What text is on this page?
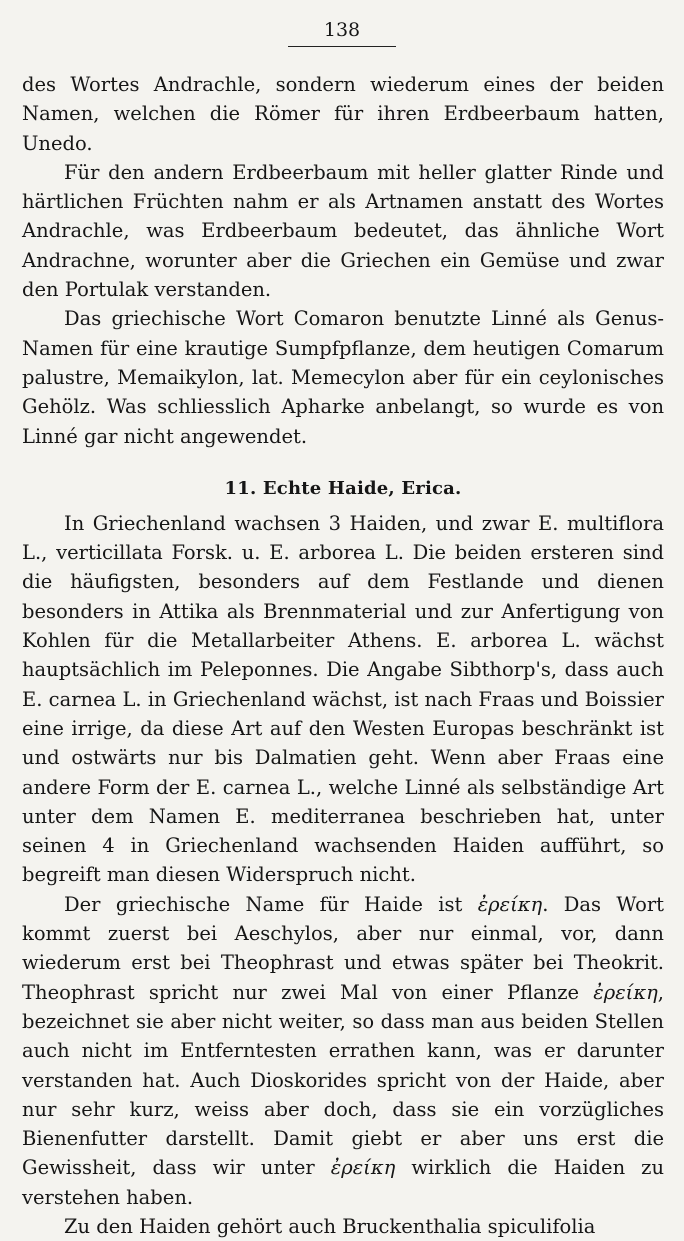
138

des Wortes Andrachle, sondern wiederum eines der beiden Namen, welchen die Römer für ihren Erdbeerbaum hatten, Unedo.

Für den andern Erdbeerbaum mit heller glatter Rinde und härtlichen Früchten nahm er als Artnamen anstatt des Wortes Andrachle, was Erdbeerbaum bedeutet, das ähnliche Wort Andrachne, worunter aber die Griechen ein Gemüse und zwar den Portulak verstanden.

Das griechische Wort Comaron benutzte Linné als Genus-Namen für eine krautige Sumpfpflanze, dem heutigen Comarum palustre, Memaikylon, lat. Memecylon aber für ein ceylonisches Gehölz. Was schliesslich Apharke anbelangt, so wurde es von Linné gar nicht angewendet.

11. Echte Haide, Erica.

In Griechenland wachsen 3 Haiden, und zwar E. multiflora L., verticillata Forsk. u. E. arborea L. Die beiden ersteren sind die häufigsten, besonders auf dem Festlande und dienen besonders in Attika als Brennmaterial und zur Anfertigung von Kohlen für die Metallarbeiter Athens. E. arborea L. wächst hauptsächlich im Peleponnes. Die Angabe Sibthorp's, dass auch E. carnea L. in Griechenland wächst, ist nach Fraas und Boissier eine irrige, da diese Art auf den Westen Europas beschränkt ist und ostwärts nur bis Dalmatien geht. Wenn aber Fraas eine andere Form der E. carnea L., welche Linné als selbständige Art unter dem Namen E. mediterranea beschrieben hat, unter seinen 4 in Griechenland wachsenden Haiden aufführt, so begreift man diesen Widerspruch nicht.

Der griechische Name für Haide ist ἐρείκη. Das Wort kommt zuerst bei Aeschylos, aber nur einmal, vor, dann wiederum erst bei Theophrast und etwas später bei Theokrit. Theophrast spricht nur zwei Mal von einer Pflanze ἐρείκη, bezeichnet sie aber nicht weiter, so dass man aus beiden Stellen auch nicht im Entferntesten errathen kann, was er darunter verstanden hat. Auch Dioskorides spricht von der Haide, aber nur sehr kurz, weiss aber doch, dass sie ein vorzügliches Bienenfutter darstellt. Damit giebt er aber uns erst die Gewissheit, dass wir unter ἐρείκη wirklich die Haiden zu verstehen haben.

Zu den Haiden gehört auch Bruckenthalia spiculifolia
